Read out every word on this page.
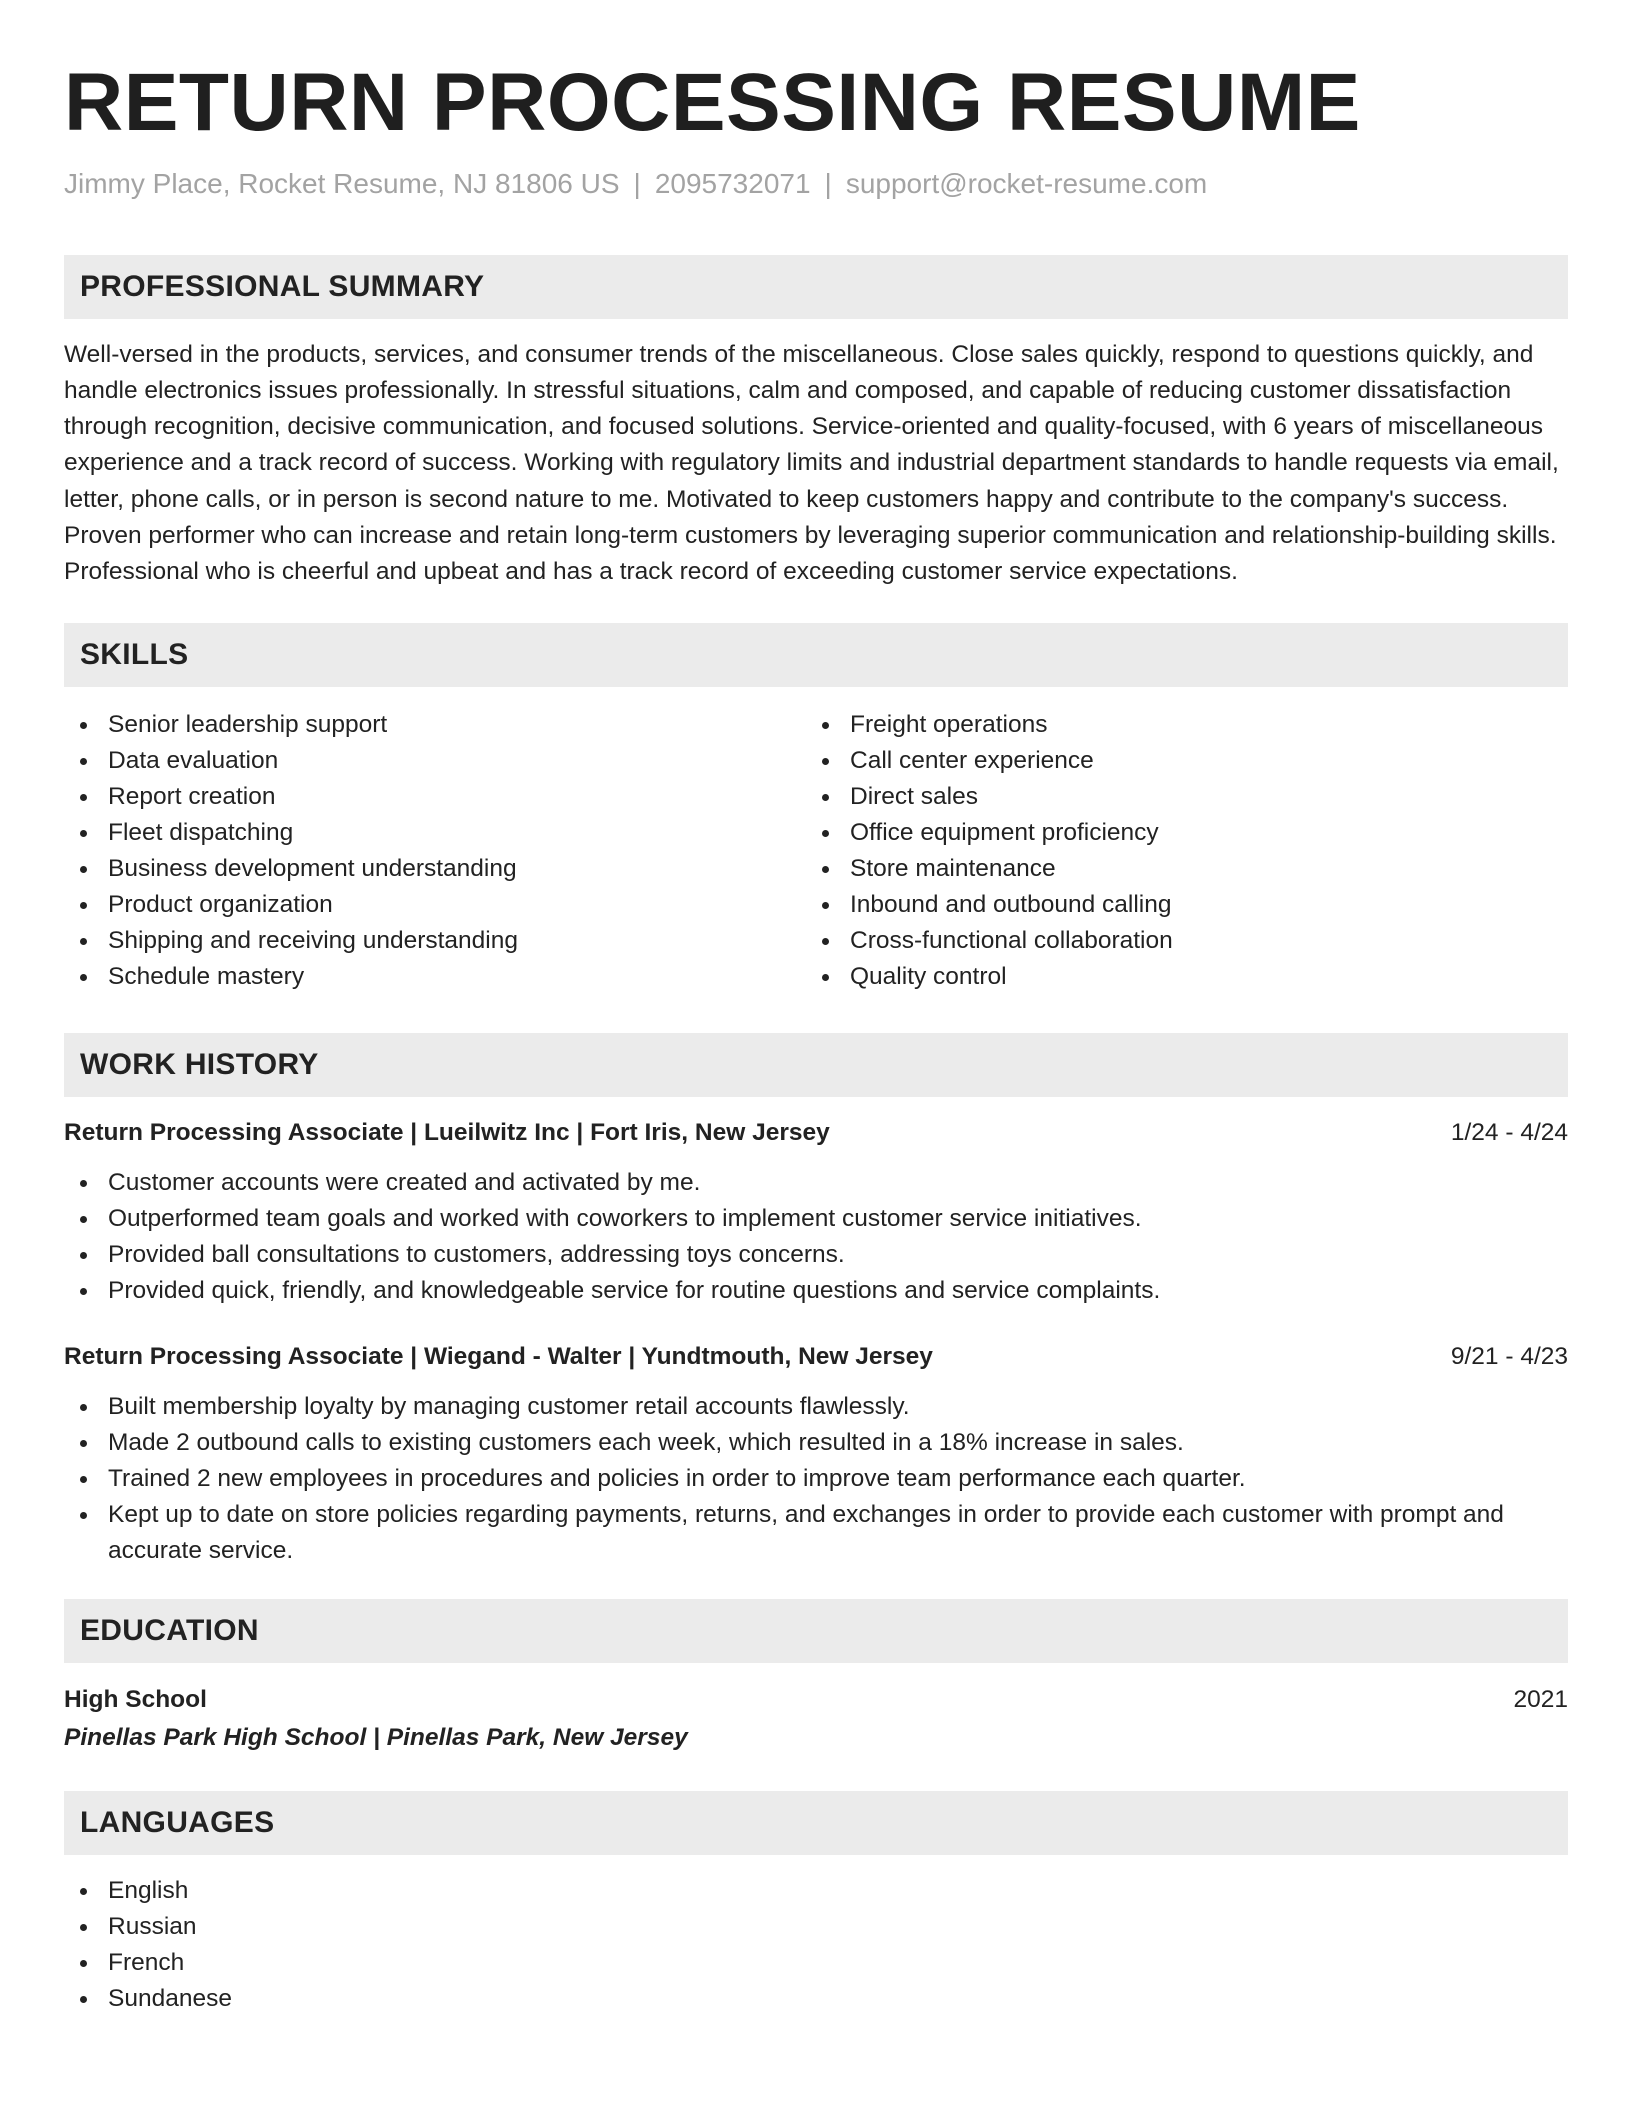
RETURN PROCESSING RESUME
Jimmy Place, Rocket Resume, NJ 81806 US | 2095732071 | support@rocket-resume.com
PROFESSIONAL SUMMARY

Well-versed in the products, services, and consumer trends of the miscellaneous. Close sales quickly, respond to questions quickly, and handle electronics issues professionally. In stressful situations, calm and composed, and capable of reducing customer dissatisfaction through recognition, decisive communication, and focused solutions. Service-oriented and quality-focused, with 6 years of miscellaneous experience and a track record of success. Working with regulatory limits and industrial department standards to handle requests via email, letter, phone calls, or in person is second nature to me. Motivated to keep customers happy and contribute to the company's success. Proven performer who can increase and retain long-term customers by leveraging superior communication and relationship-building skills. Professional who is cheerful and upbeat and has a track record of exceeding customer service expectations.

SKILLS
Senior leadership support
Data evaluation
Report creation
Fleet dispatching
Business development understanding
Product organization
Shipping and receiving understanding
Schedule mastery
Freight operations
Call center experience
Direct sales
Office equipment proficiency
Store maintenance
Inbound and outbound calling
Cross-functional collaboration
Quality control
WORK HISTORY
Return Processing Associate | Lueilwitz Inc | Fort Iris, New Jersey	1/24 - 4/24
Customer accounts were created and activated by me.
Outperformed team goals and worked with coworkers to implement customer service initiatives.
Provided ball consultations to customers, addressing toys concerns.
Provided quick, friendly, and knowledgeable service for routine questions and service complaints.
Return Processing Associate | Wiegand - Walter | Yundtmouth, New Jersey	9/21 - 4/23
Built membership loyalty by managing customer retail accounts flawlessly.
Made 2 outbound calls to existing customers each week, which resulted in a 18% increase in sales.
Trained 2 new employees in procedures and policies in order to improve team performance each quarter.
Kept up to date on store policies regarding payments, returns, and exchanges in order to provide each customer with prompt and accurate service.
EDUCATION
High School	2021
Pinellas Park High School | Pinellas Park, New Jersey
LANGUAGES
English
Russian
French
Sundanese
